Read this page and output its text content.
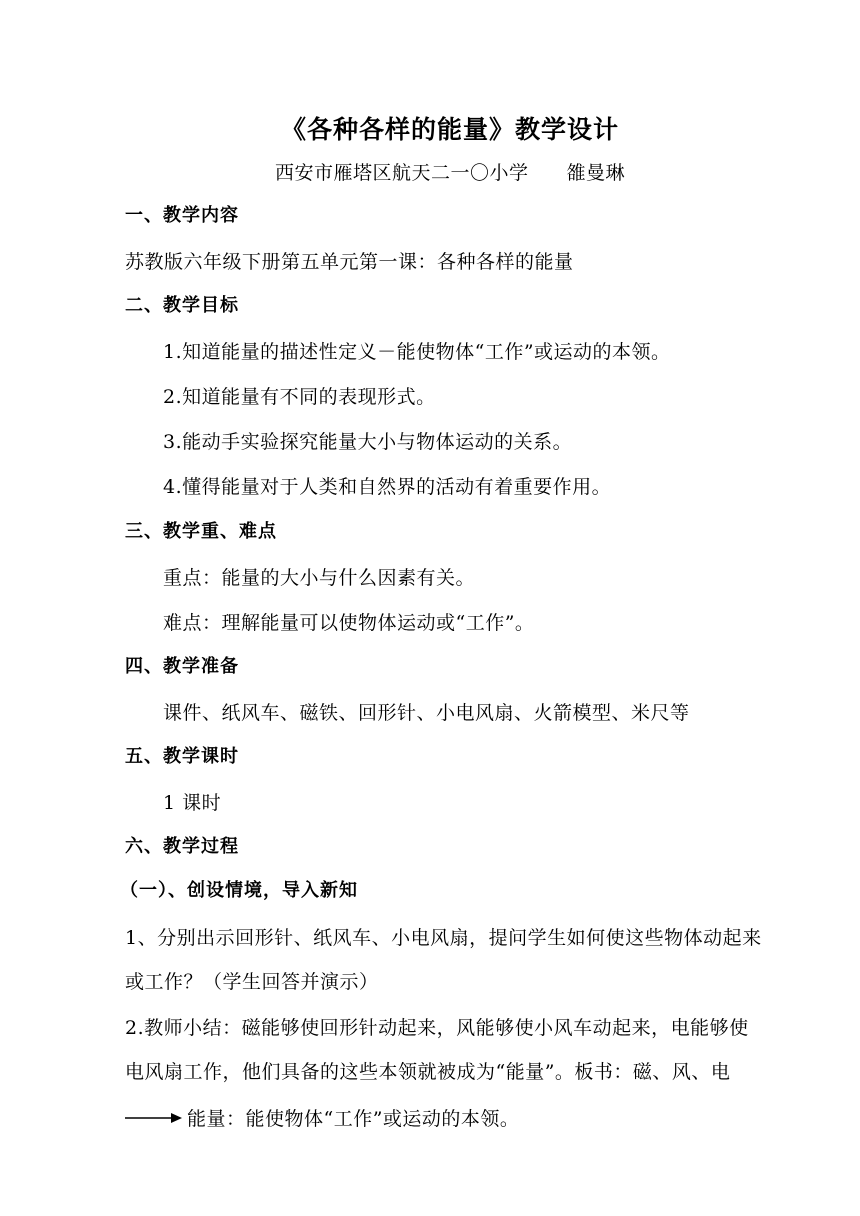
《各种各样的能量》教学设计
西安市雁塔区航天二一〇小学 雒曼琳
一、教学内容
苏教版六年级下册第五单元第一课：各种各样的能量
二、教学目标
1.知道能量的描述性定义－能使物体“工作”或运动的本领。
2.知道能量有不同的表现形式。
3.能动手实验探究能量大小与物体运动的关系。
4.懂得能量对于人类和自然界的活动有着重要作用。
三、教学重、难点
重点：能量的大小与什么因素有关。
难点：理解能量可以使物体运动或“工作”。
四、教学准备
课件、纸风车、磁铁、回形针、小电风扇、火箭模型、米尺等
五、教学课时
1 课时
六、教学过程
（一）、创设情境，导入新知
1、分别出示回形针、纸风车、小电风扇，提问学生如何使这些物体动起来
或工作？（学生回答并演示）
2.教师小结：磁能够使回形针动起来，风能够使小风车动起来，电能够使
电风扇工作，他们具备的这些本领就被成为“能量”。板书：磁、风、电
能量：能使物体“工作”或运动的本领。
